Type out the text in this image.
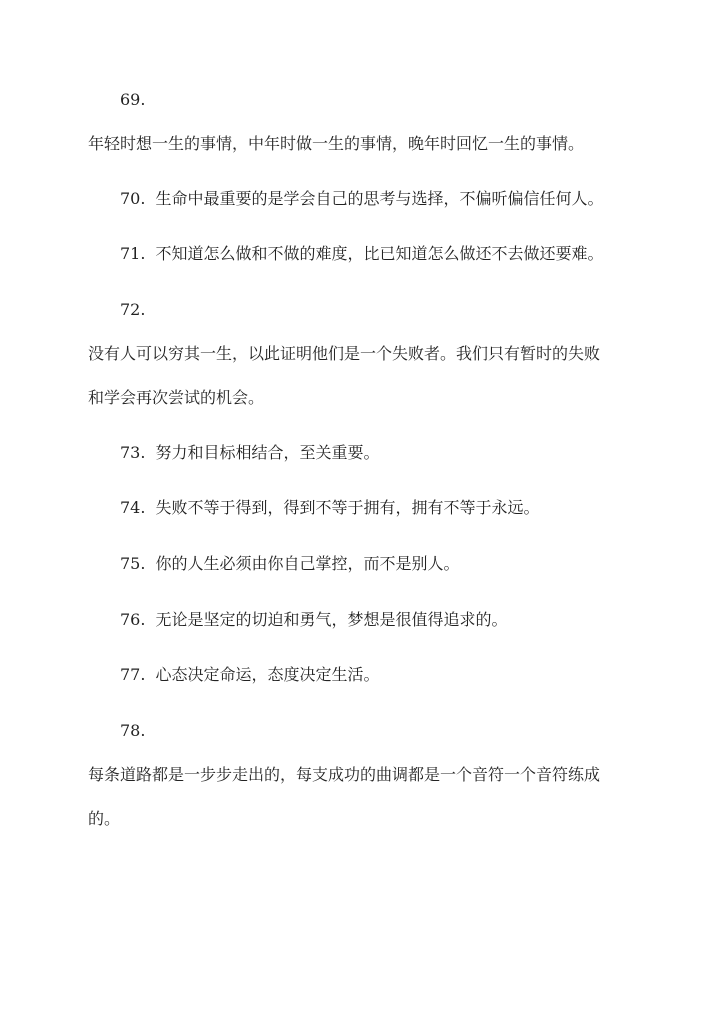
69.
年轻时想一生的事情，中年时做一生的事情，晚年时回忆一生的事情。
70. 生命中最重要的是学会自己的思考与选择，不偏听偏信任何人。
71. 不知道怎么做和不做的难度，比已知道怎么做还不去做还要难。
72.
没有人可以穷其一生，以此证明他们是一个失败者。我们只有暂时的失败
和学会再次尝试的机会。
73. 努力和目标相结合，至关重要。
74. 失败不等于得到，得到不等于拥有，拥有不等于永远。
75. 你的人生必须由你自己掌控，而不是别人。
76. 无论是坚定的切迫和勇气，梦想是很值得追求的。
77. 心态决定命运，态度决定生活。
78.
每条道路都是一步步走出的，每支成功的曲调都是一个音符一个音符练成
的。
